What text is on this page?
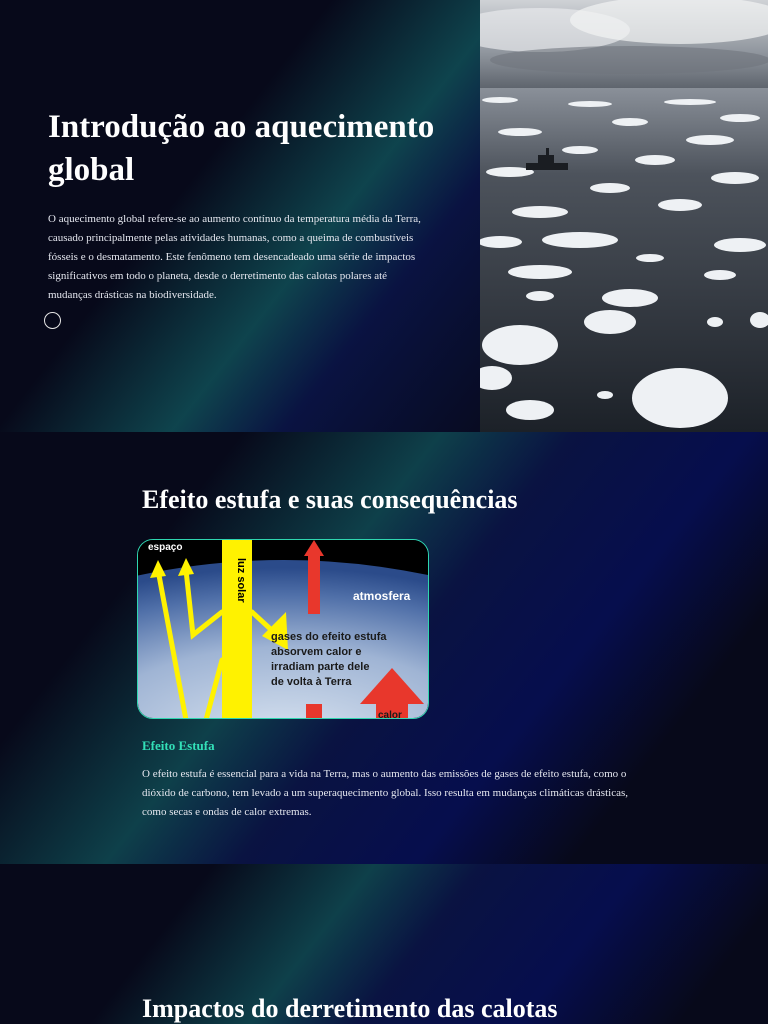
Introdução ao aquecimento global

O aquecimento global refere-se ao aumento contínuo da temperatura média da Terra, causado principalmente pelas atividades humanas, como a queima de combustíveis fósseis e o desmatamento. Este fenômeno tem desencadeado uma série de impactos significativos em todo o planeta, desde o derretimento das calotas polares até mudanças drásticas na biodiversidade.

Efeito estufa e suas consequências
espaço
luz solar	atmosfera
gases do efeito estufa
absorvem calor e
irradiam parte dele
de volta à Terra
calor
Efeito Estufa

O efeito estufa é essencial para a vida na Terra, mas o aumento das emissões de gases de efeito estufa, como o dióxido de carbono, tem levado a um superaquecimento global. Isso resulta em mudanças climáticas drásticas, como secas e ondas de calor extremas.

Impactos do derretimento das calotas
